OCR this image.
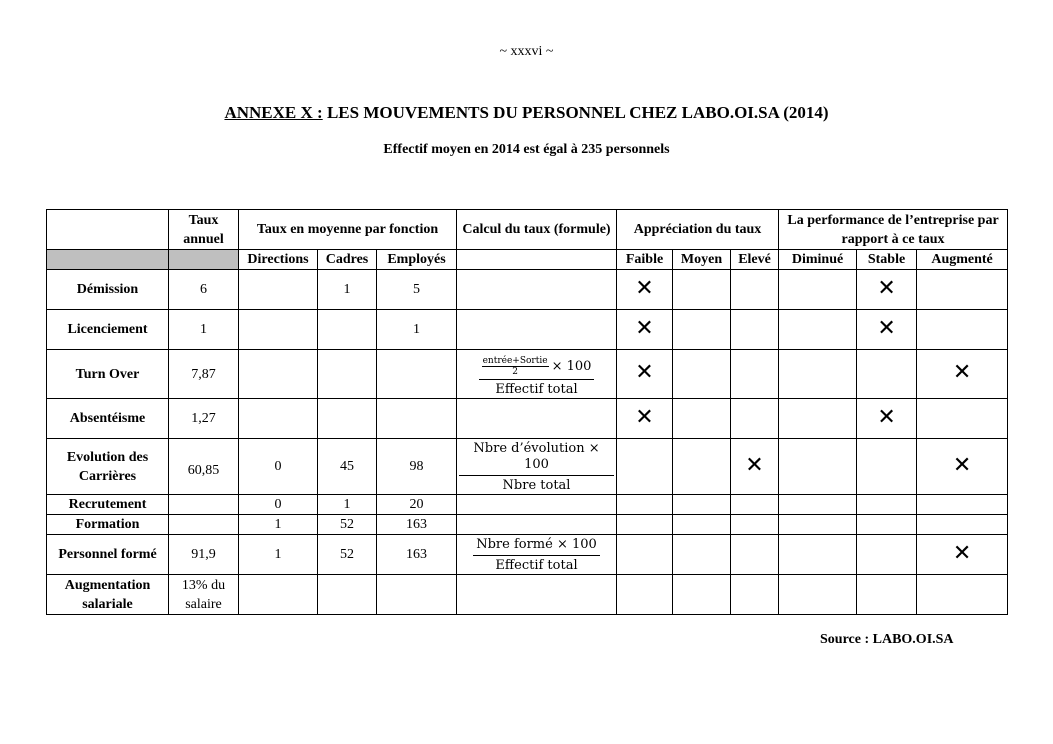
~ xxxvi ~
ANNEXE X : LES MOUVEMENTS DU PERSONNEL CHEZ LABO.OI.SA (2014)
Effectif moyen en 2014 est égal à 235 personnels
	Taux annuel	Taux en moyenne par fonction			Calcul du taux (formule)	Appréciation du taux			La performance de l’entreprise par rapport à ce taux		
		Directions	Cadres	Employés		Faible	Moyen	Elevé	Diminué	Stable	Augmenté
Démission	6		1	5		✕				✕	
Licenciement	1			1		✕				✕	
Turn Over	7,87				entrée+Sortie
2 × 100
Effectif total	✕					✕
Absentéisme	1,27					✕				✕	
Evolution des Carrières	60,85	0	45	98	$\frac{\text{Nbre d’évolution × 100}}{\text{Nbre total}}$			✕			✕
Recrutement		0	1	20							
Formation		1	52	163							
Personnel formé	91,9	1	52	163	$\frac{\text{Nbre formé × 100}}{\text{Effectif total}}$						✕
Augmentation salariale	13% du salaire										
Source : LABO.OI.SA
